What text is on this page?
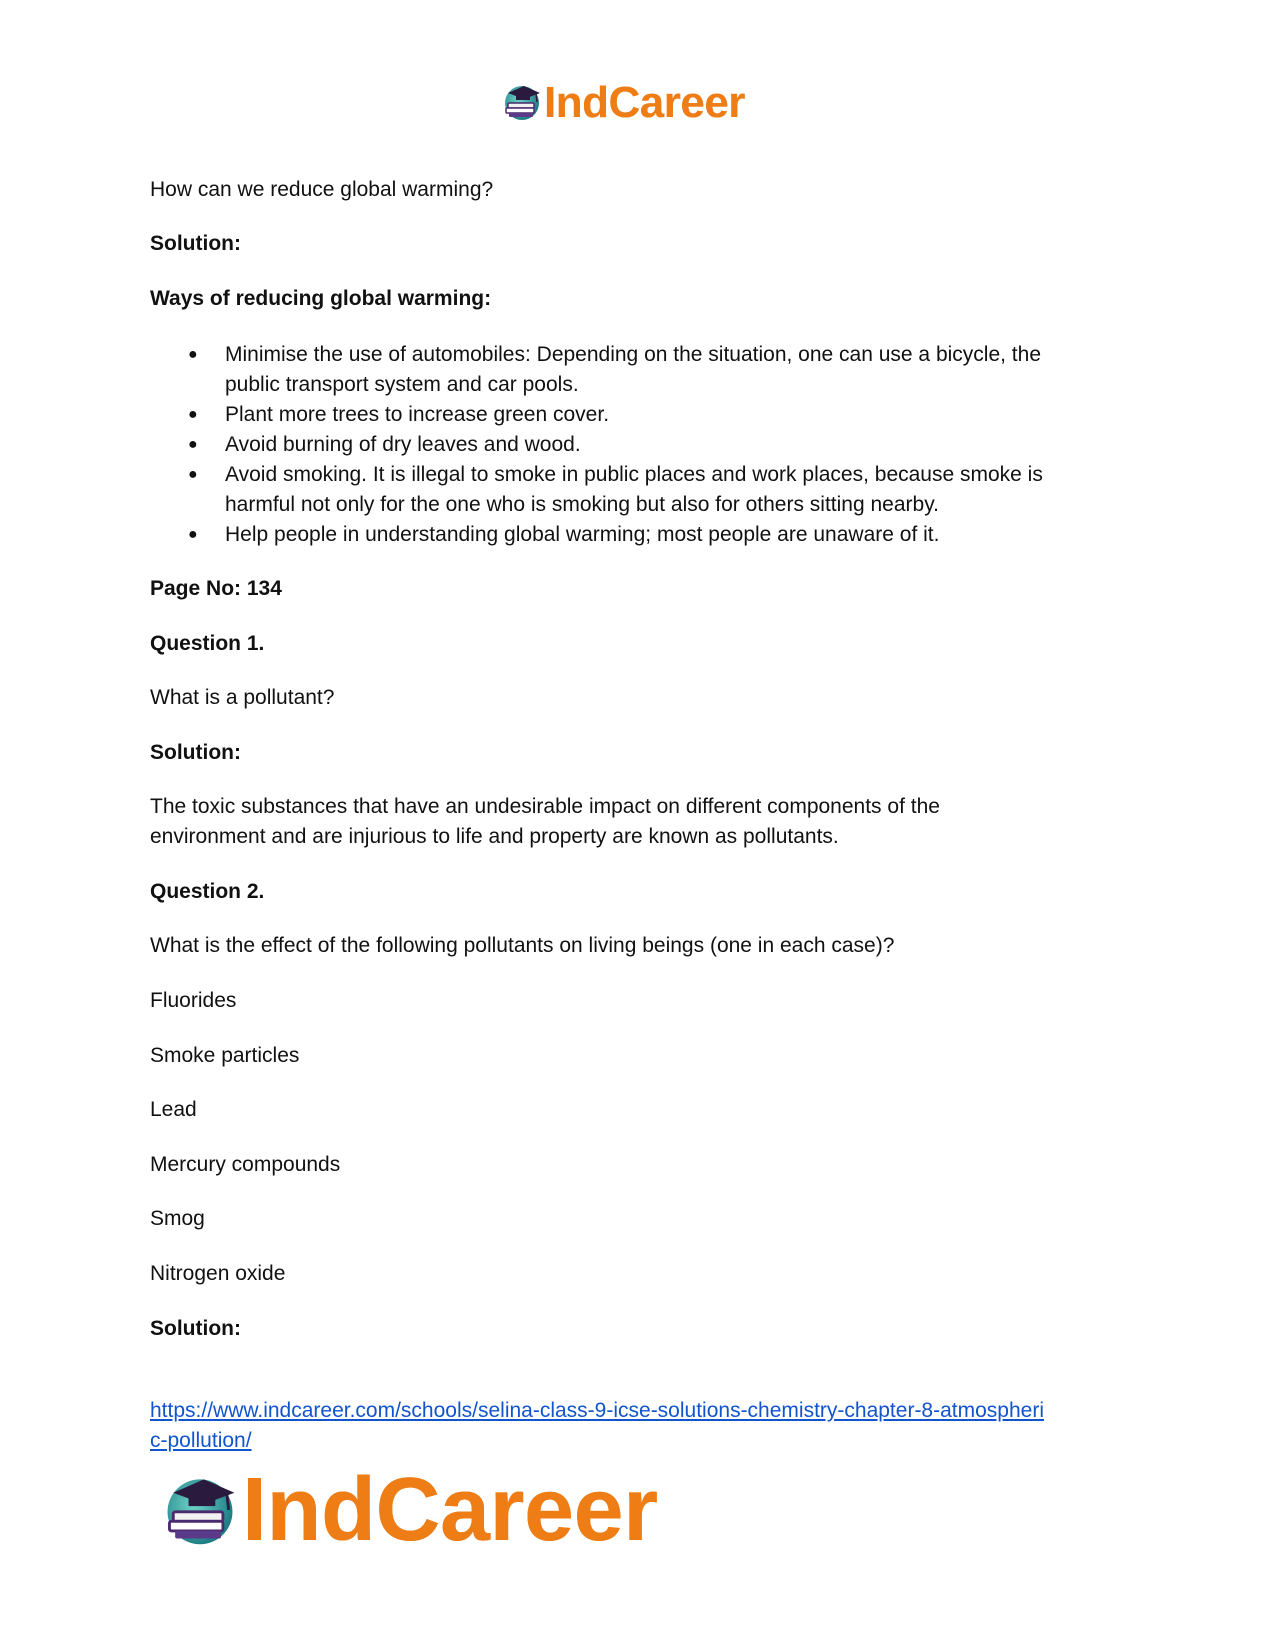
IndCareer
How can we reduce global warming?
Solution:
Ways of reducing global warming:
● Minimise the use of automobiles: Depending on the situation, one can use a bicycle, the
public transport system and car pools.
● Plant more trees to increase green cover.
● Avoid burning of dry leaves and wood.
● Avoid smoking. It is illegal to smoke in public places and work places, because smoke is
harmful not only for the one who is smoking but also for others sitting nearby.
● Help people in understanding global warming; most people are unaware of it.
Page No: 134
Question 1.
What is a pollutant?
Solution:
The toxic substances that have an undesirable impact on different components of the
environment and are injurious to life and property are known as pollutants.
Question 2.
What is the effect of the following pollutants on living beings (one in each case)?
Fluorides
Smoke particles
Lead
Mercury compounds
Smog
Nitrogen oxide
Solution:
https://www.indcareer.com/schools/selina-class-9-icse-solutions-chemistry-chapter-8-atmospheri
c-pollution/
IndCareer
